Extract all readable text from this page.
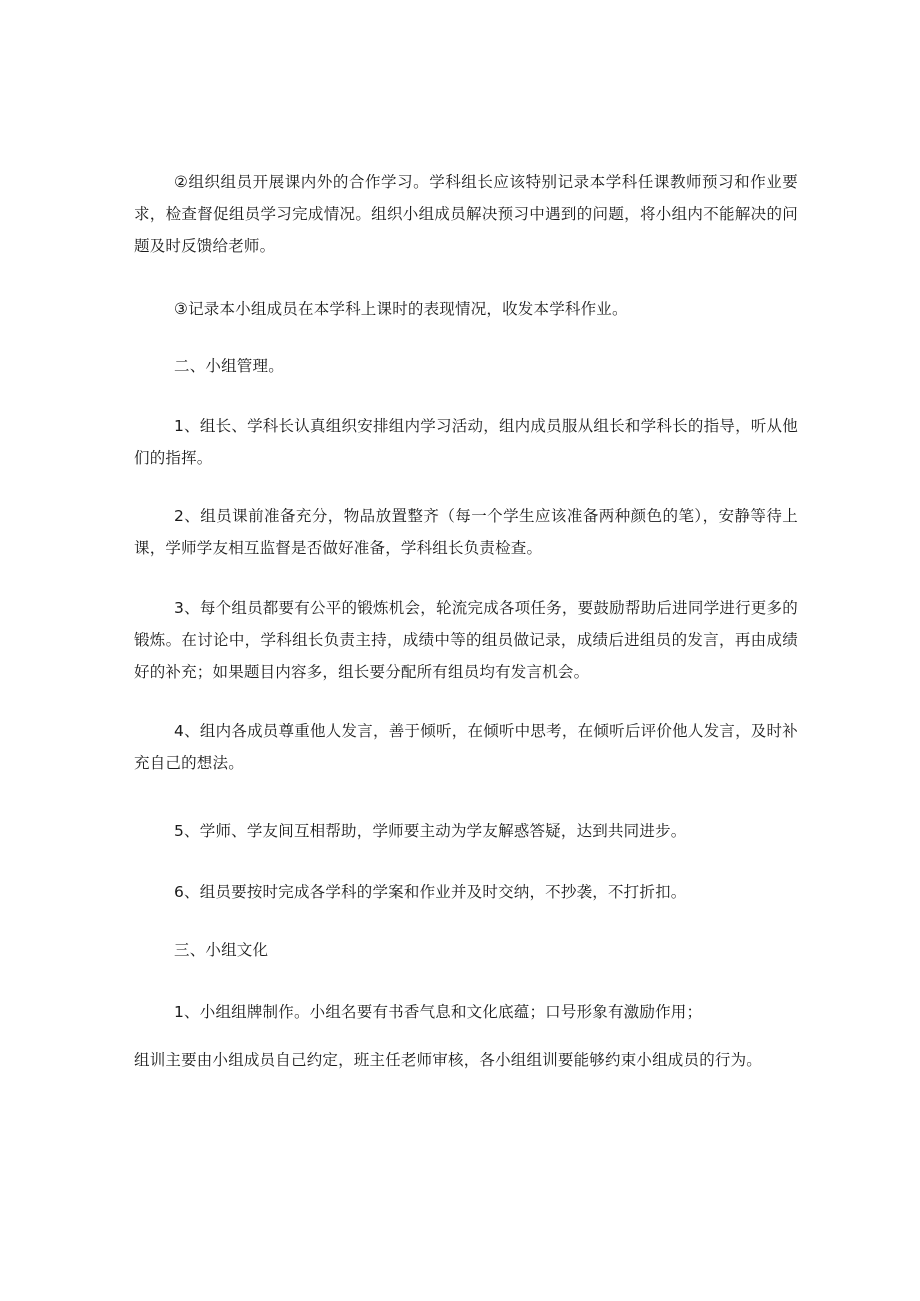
②组织组员开展课内外的合作学习。学科组长应该特别记录本学科任课教师预习和作业要求，检查督促组员学习完成情况。组织小组成员解决预习中遇到的问题，将小组内不能解决的问题及时反馈给老师。

③记录本小组成员在本学科上课时的表现情况，收发本学科作业。

二、小组管理。

1、组长、学科长认真组织安排组内学习活动，组内成员服从组长和学科长的指导，听从他们的指挥。

2、组员课前准备充分，物品放置整齐（每一个学生应该准备两种颜色的笔），安静等待上课，学师学友相互监督是否做好准备，学科组长负责检查。

3、每个组员都要有公平的锻炼机会，轮流完成各项任务，要鼓励帮助后进同学进行更多的锻炼。在讨论中，学科组长负责主持，成绩中等的组员做记录，成绩后进组员的发言，再由成绩好的补充；如果题目内容多，组长要分配所有组员均有发言机会。

4、组内各成员尊重他人发言，善于倾听，在倾听中思考，在倾听后评价他人发言，及时补充自己的想法。

5、学师、学友间互相帮助，学师要主动为学友解惑答疑，达到共同进步。

6、组员要按时完成各学科的学案和作业并及时交纳，不抄袭，不打折扣。

三、小组文化

1、小组组牌制作。小组名要有书香气息和文化底蕴；口号形象有激励作用；

组训主要由小组成员自己约定，班主任老师审核，各小组组训要能够约束小组成员的行为。
